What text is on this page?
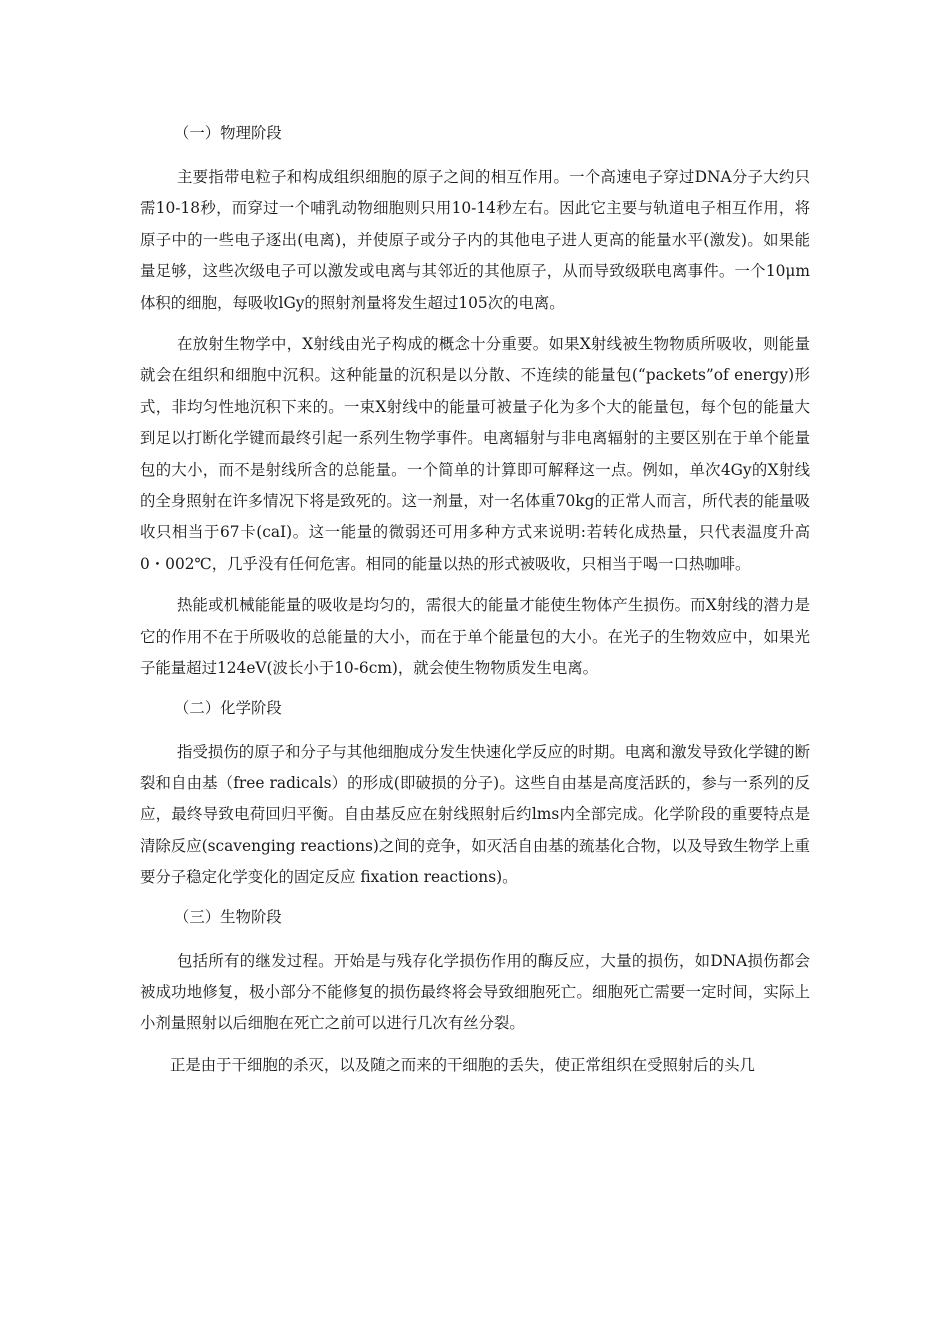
（一）物理阶段

主要指带电粒子和构成组织细胞的原子之间的相互作用。一个高速电子穿过DNA分子大约只需10-18秒，而穿过一个哺乳动物细胞则只用10-14秒左右。因此它主要与轨道电子相互作用，将原子中的一些电子逐出(电离)，并使原子或分子内的其他电子进人更高的能量水平(激发)。如果能量足够，这些次级电子可以激发或电离与其邻近的其他原子，从而导致级联电离事件。一个10μm体积的细胞，每吸收lGy的照射剂量将发生超过105次的电离。

在放射生物学中，X射线由光子构成的概念十分重要。如果X射线被生物物质所吸收，则能量就会在组织和细胞中沉积。这种能量的沉积是以分散、不连续的能量包(“packets”of energy)形式，非均匀性地沉积下来的。一束X射线中的能量可被量子化为多个大的能量包，每个包的能量大到足以打断化学键而最终引起一系列生物学事件。电离辐射与非电离辐射的主要区别在于单个能量包的大小，而不是射线所含的总能量。一个简单的计算即可解释这一点。例如，单次4Gy的X射线的全身照射在许多情况下将是致死的。这一剂量，对一名体重70kg的正常人而言，所代表的能量吸收只相当于67卡(caI)。这一能量的微弱还可用多种方式来说明:若转化成热量，只代表温度升高0・002℃，几乎没有任何危害。相同的能量以热的形式被吸收，只相当于喝一口热咖啡。

热能或机械能能量的吸收是均匀的，需很大的能量才能使生物体产生损伤。而X射线的潜力是它的作用不在于所吸收的总能量的大小，而在于单个能量包的大小。在光子的生物效应中，如果光子能量超过124eV(波长小于10-6cm)，就会使生物物质发生电离。

（二）化学阶段

指受损伤的原子和分子与其他细胞成分发生快速化学反应的时期。电离和激发导致化学键的断裂和自由基（free radicals）的形成(即破损的分子)。这些自由基是高度活跃的，参与一系列的反应，最终导致电荷回归平衡。自由基反应在射线照射后约lms内全部完成。化学阶段的重要特点是清除反应(scavenging reactions)之间的竞争，如灭活自由基的巯基化合物，以及导致生物学上重要分子稳定化学变化的固定反应 fixation reactions)。

（三）生物阶段

包括所有的继发过程。开始是与残存化学损伤作用的酶反应，大量的损伤，如DNA损伤都会被成功地修复，极小部分不能修复的损伤最终将会导致细胞死亡。细胞死亡需要一定时间，实际上小剂量照射以后细胞在死亡之前可以进行几次有丝分裂。

正是由于干细胞的杀灭，以及随之而来的干细胞的丢失，使正常组织在受照射后的头几
